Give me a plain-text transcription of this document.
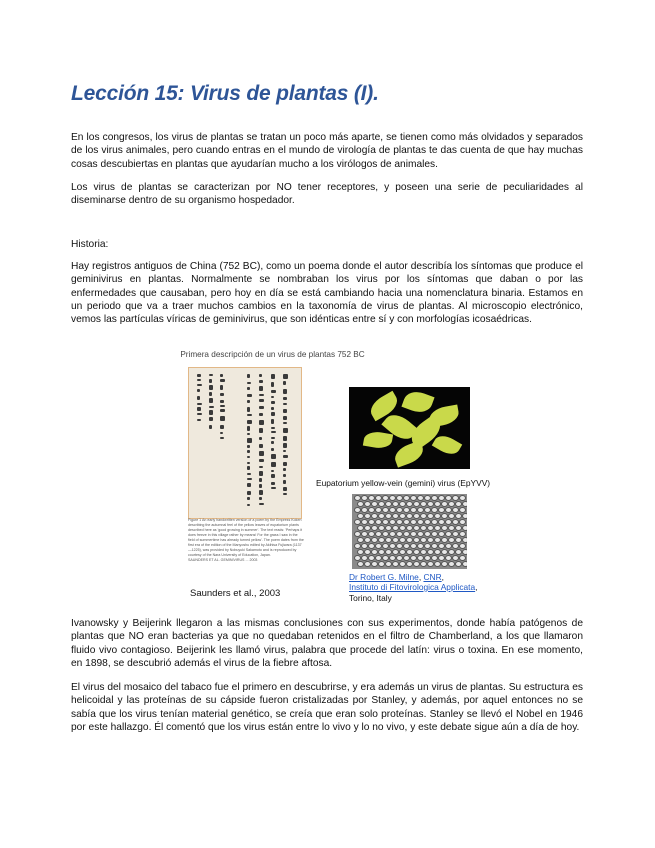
Lección 15: Virus de plantas (I).

En los congresos, los virus de plantas se tratan un poco más aparte, se tienen como más olvidados y separados de los virus animales, pero cuando entras en el mundo de virología de plantas te das cuenta de que hay muchas cosas descubiertas en plantas que ayudarían mucho a los virólogos de animales.

Los virus de plantas se caracterizan por NO tener receptores, y poseen una serie de peculiaridades al diseminarse dentro de su organismo hospedador.

Historia:

Hay registros antiguos de China (752 BC), como un poema donde el autor describía los síntomas que produce el geminivirus en plantas. Normalmente se nombraban los virus por los síntomas que daban o por las enfermedades que causaban, pero hoy en día se está cambiando hacia una nomenclatura binaria. Estamos en un periodo que va a traer muchos cambios en la taxonomía de virus de plantas. Al microscopio electrónico, vemos las partículas víricas de geminivirus, que son idénticas entre sí y con morfologías icosaédricas.

Primera descripción de un virus de plantas 752 BC
Figure 1 An early handwritten version of a poem by the Empress Koken describing the autumnal feel of the yellow leaves of eupatorium plants described here as 'good growing in summer'. The text reads: 'Perhaps it does freeze in this village rather by means! For the grass I saw in the field of summertime has already turned yellow'. The poem dates from the first era of the edition of the Manyoshu edited by Akihisa Fujiwara (1137—1225), was provided by Nobuyuki Sakamoto and is reproduced by courtesy of the Nara University of Education, Japan.
SAUNDERS ET AL. GEMINIVIRUS ... 2003
Saunders et al., 2003
Eupatorium yellow-vein (gemini) virus (EpYVV)
Dr Robert G. Milne, CNR,
Instituto di Fitovirologica Applicata,
Torino, Italy

Ivanowsky y Beijerink llegaron a las mismas conclusiones con sus experimentos, donde había patógenos de plantas que NO eran bacterias ya que no quedaban retenidos en el filtro de Chamberland, a los que llamaron fluido vivo contagioso. Beijerink les llamó virus, palabra que procede del latín: virus o toxina. En ese momento, en 1898, se descubrió además el virus de la fiebre aftosa.

El virus del mosaico del tabaco fue el primero en descubrirse, y era además un virus de plantas. Su estructura es helicoidal y las proteínas de su cápside fueron cristalizadas por Stanley, y además, por aquel entonces no se sabía que los virus tenían material genético, se creía que eran solo proteínas. Stanley se llevó el Nobel en 1946 por este hallazgo. Él comentó que los virus están entre lo vivo y lo no vivo, y este debate sigue aún a día de hoy.
